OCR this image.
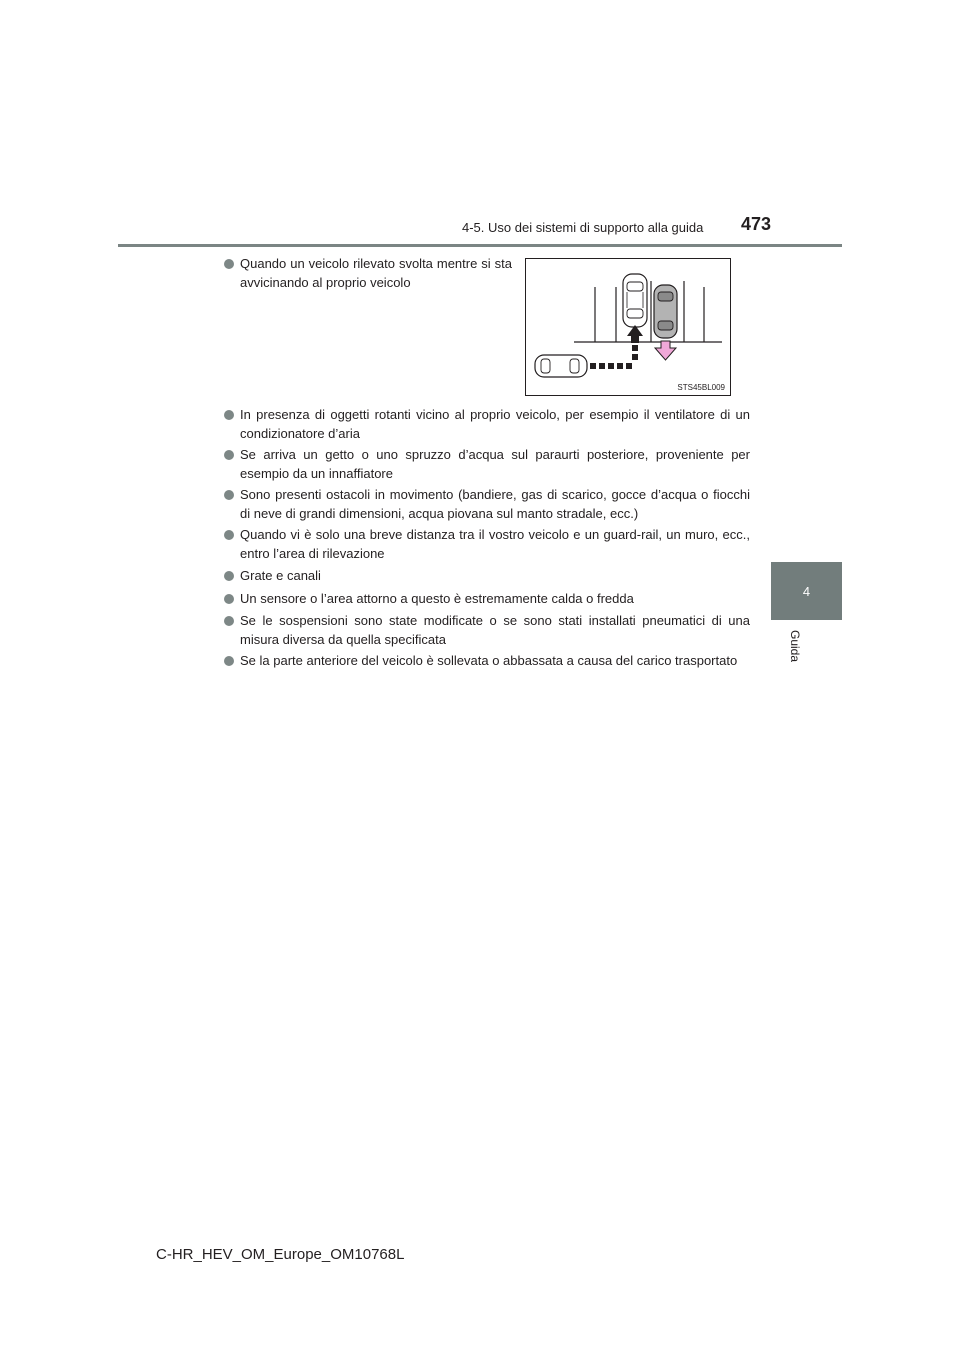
4-5. Uso dei sistemi di supporto alla guida 473
4
Guida
Quando un veicolo rilevato svolta mentre si sta avvicinando al proprio veicolo
STS45BL009
In presenza di oggetti rotanti vicino al proprio veicolo, per esempio il ventilatore di un condizionatore d’aria
Se arriva un getto o uno spruzzo d’acqua sul paraurti posteriore, proveniente per esempio da un innaffiatore
Sono presenti ostacoli in movimento (bandiere, gas di scarico, gocce d’acqua o fiocchi di neve di grandi dimensioni, acqua piovana sul manto stradale, ecc.)
Quando vi è solo una breve distanza tra il vostro veicolo e un guard-rail, un muro, ecc., entro l’area di rilevazione
Grate e canali
Un sensore o l’area attorno a questo è estremamente calda o fredda
Se le sospensioni sono state modificate o se sono stati installati pneumatici di una misura diversa da quella specificata
Se la parte anteriore del veicolo è sollevata o abbassata a causa del carico trasportato
C-HR_HEV_OM_Europe_OM10768L
